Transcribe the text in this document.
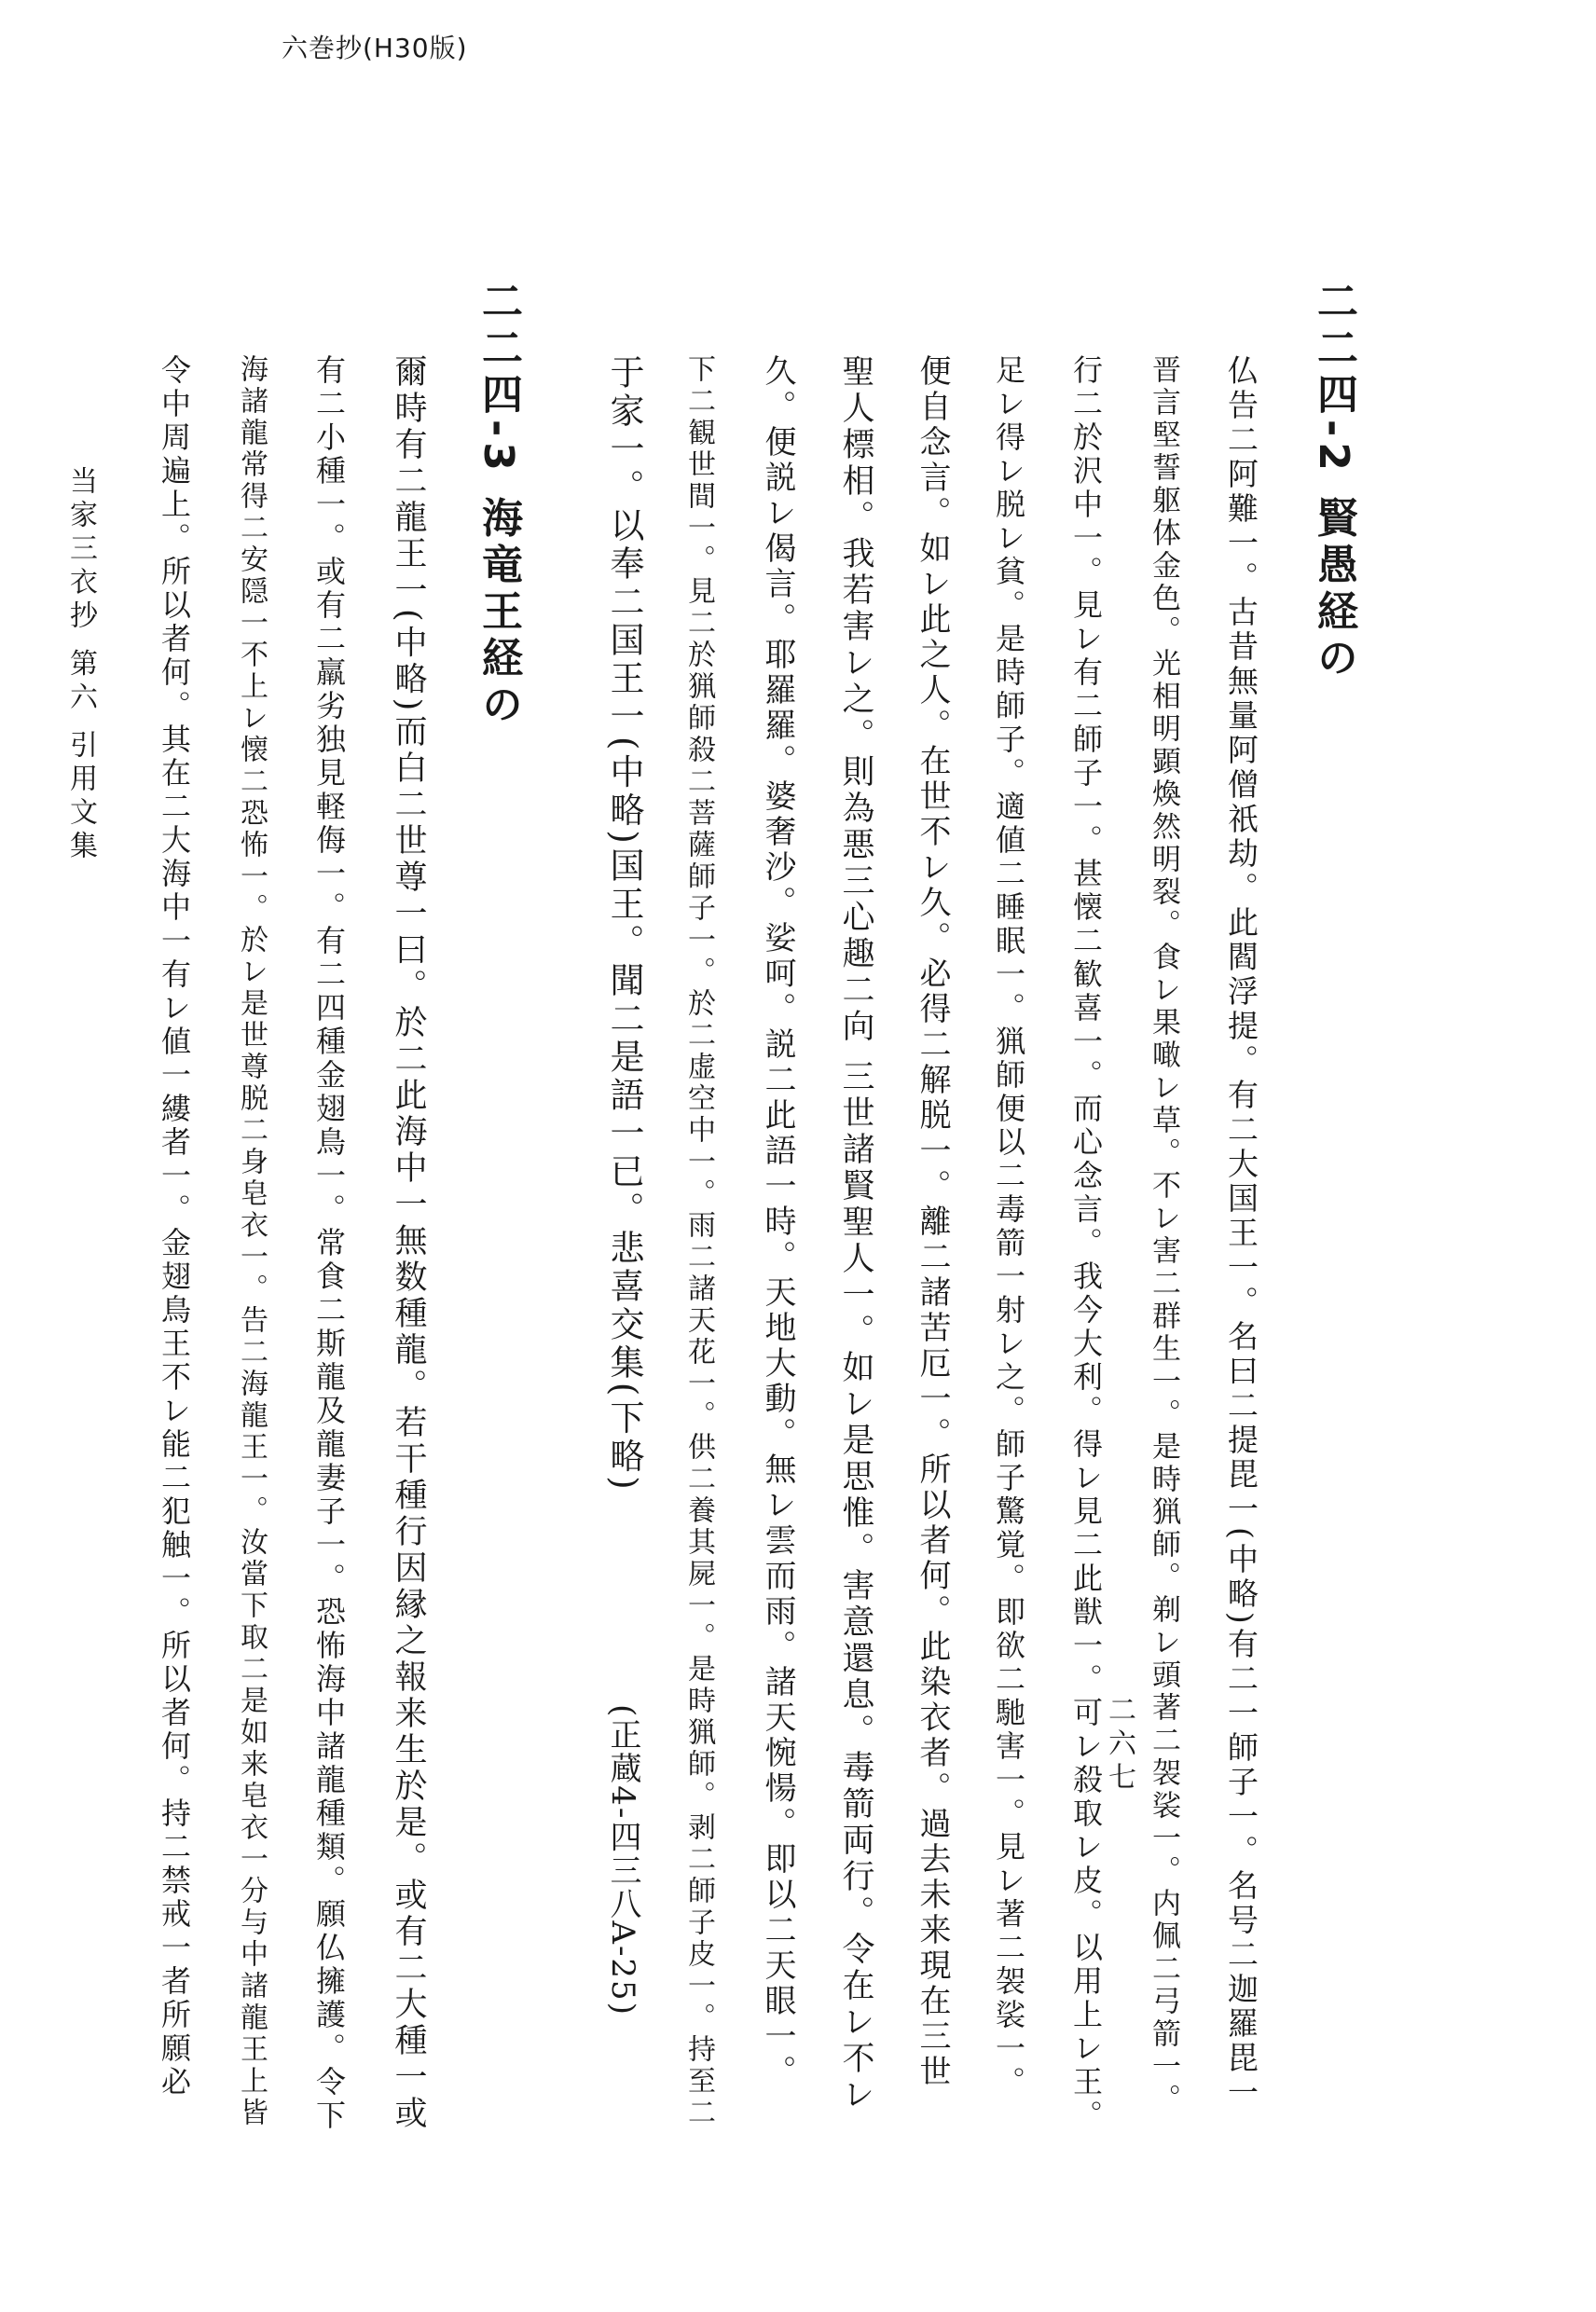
六巻抄(H30版)
二二四-2 賢愚経の
仏告二阿難一。古昔無量阿僧祇劫。此閻浮提。有二大国王一。名曰二提毘一(中略)有二一師子一。名号二迦羅毘一
晋言堅誓躯体金色。光相明顕煥然明裂。食レ果噉レ草。不レ害二群生一。是時猟師。剃レ頭著二袈裟一。内佩二弓箭一。
行二於沢中一。見レ有二師子一。甚懐二歓喜一。而心念言。我今大利。得レ見二此獣一。可レ殺取レ皮。以用上レ王。
足レ得レ脱レ貧。是時師子。適値二睡眠一。猟師便以二毒箭一射レ之。師子驚覚。即欲二馳害一。見レ著二袈裟一。
便自念言。如レ此之人。在世不レ久。必得二解脱一。離二諸苦厄一。所以者何。此染衣者。過去未来現在三世
聖人標相。我若害レ之。則為悪三心趣二向 三世諸賢聖人一。如レ是思惟。害意還息。毒箭両行。令在レ不レ
久。便説レ偈言。耶羅羅。婆奢沙。娑呵。説二此語一時。天地大動。無レ雲而雨。諸天惋愓。即以二天眼一。
下二観世間一。見二於猟師殺二菩薩師子一。於二虚空中一。雨二諸天花一。供二養其屍一。是時猟師。剥二師子皮一。持至二
于家一。以奉二国王一(中略)国王。聞二是語一已。悲喜交集(下略)
(正蔵4-四三八A-25)
二二四-3 海竜王経の
爾時有二龍王一(中略)而白二世尊一曰。於二此海中一無数種龍。若干種行因縁之報来生於是。或有二大種一或
有二小種一。或有二羸劣独見軽侮一。有二四種金翅鳥一。常食二斯龍及龍妻子一。恐怖海中諸龍種類。願仏擁護。令下
海諸龍常得二安隠一不上レ懐二恐怖一。於レ是世尊脱二身皂衣一。告二海龍王一。汝當下取二是如来皂衣一分与中諸龍王上皆
令中周遍上。所以者何。其在二大海中一有レ値一縷者一。金翅鳥王不レ能二犯触一。所以者何。持二禁戒一者所願必
当家三衣抄 第六 引用文集
二六七
